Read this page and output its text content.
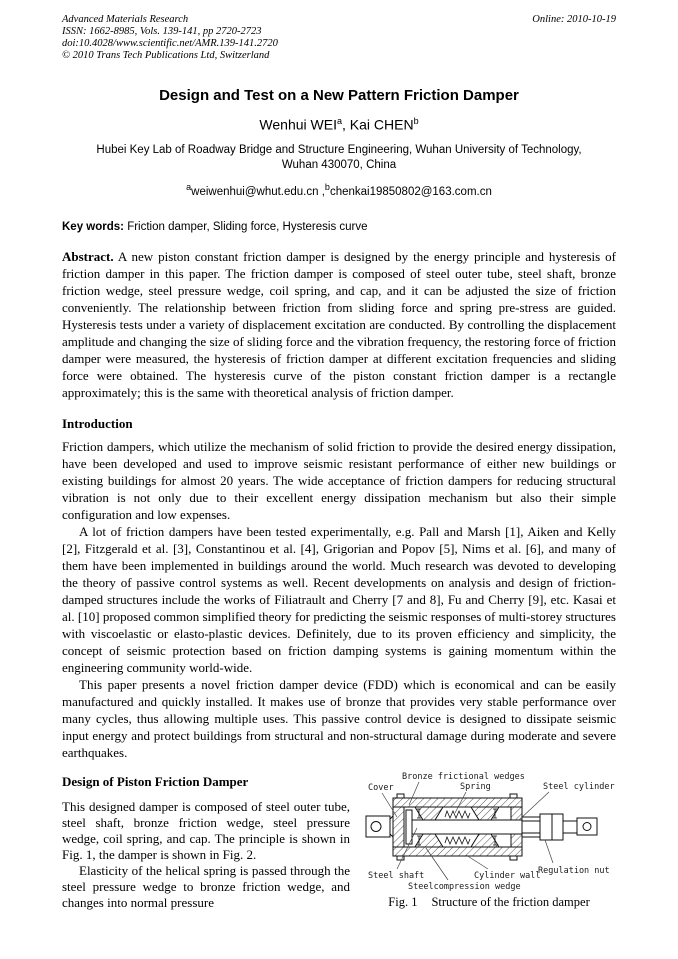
Advanced Materials Research
ISSN: 1662-8985, Vols. 139-141, pp 2720-2723
doi:10.4028/www.scientific.net/AMR.139-141.2720
© 2010 Trans Tech Publications Ltd, Switzerland
Online: 2010-10-19
Design and Test on a New Pattern Friction Damper
Wenhui WEI$^a$, Kai CHEN$^b$
Hubei Key Lab of Roadway Bridge and Structure Engineering, Wuhan University of Technology,
Wuhan 430070, China
$^a$weiwenhui@whut.edu.cn ,$^b$chenkai19850802@163.com.cn
Key words: Friction damper, Sliding force, Hysteresis curve

Abstract. A new piston constant friction damper is designed by the energy principle and hysteresis of friction damper in this paper. The friction damper is composed of steel outer tube, steel shaft, bronze friction wedge, steel pressure wedge, coil spring, and cap, and it can be adjusted the size of friction conveniently. The relationship between friction from sliding force and spring pre-stress are guided. Hysteresis tests under a variety of displacement excitation are conducted. By controlling the displacement amplitude and changing the size of sliding force and the vibration frequency, the restoring force of friction damper were measured, the hysteresis of friction damper at different excitation frequencies and sliding force were obtained. The hysteresis curve of the piston constant friction damper is a rectangle approximately; this is the same with theoretical analysis of friction damper.

Introduction

Friction dampers, which utilize the mechanism of solid friction to provide the desired energy dissipation, have been developed and used to improve seismic resistant performance of either new buildings or existing buildings for almost 20 years. The wide acceptance of friction dampers for reducing structural vibration is not only due to their excellent energy dissipation mechanism but also their simple configuration and low expenses.

A lot of friction dampers have been tested experimentally, e.g. Pall and Marsh [1], Aiken and Kelly [2], Fitzgerald et al. [3], Constantinou et al. [4], Grigorian and Popov [5], Nims et al. [6], and many of them have been implemented in buildings around the world. Much research was devoted to developing the theory of passive control systems as well. Recent developments on analysis and design of friction-damped structures include the works of Filiatrault and Cherry [7 and 8], Fu and Cherry [9], etc. Kasai et al. [10] proposed common simplified theory for predicting the seismic responses of multi-storey structures with viscoelastic or elasto-plastic devices. Definitely, due to its proven efficiency and simplicity, the concept of seismic protection based on friction damping systems is gaining momentum within the engineering community world-wide.

This paper presents a novel friction damper device (FDD) which is economical and can be easily manufactured and quickly installed. It makes use of bronze that provides very stable performance over many cycles, thus allowing multiple uses. This passive control device is designed to dissipate seismic input energy and protect buildings from structural and non-structural damage during moderate and severe earthquakes.

Design of Piston Friction Damper

This designed damper is composed of steel outer tube, steel shaft, bronze friction wedge, steel pressure wedge, coil spring, and cap. The principle is shown in Fig. 1, the damper is shown in Fig. 2.

Elasticity of the helical spring is passed through the steel pressure wedge to bronze friction wedge, and changes into normal pressure

Cover
Bronze frictional wedges
Spring	Steel cylinder
Regulation nut
Steel shaft	Cylinder wall
Steelcompression wedge
Fig. 1 Structure of the friction damper
